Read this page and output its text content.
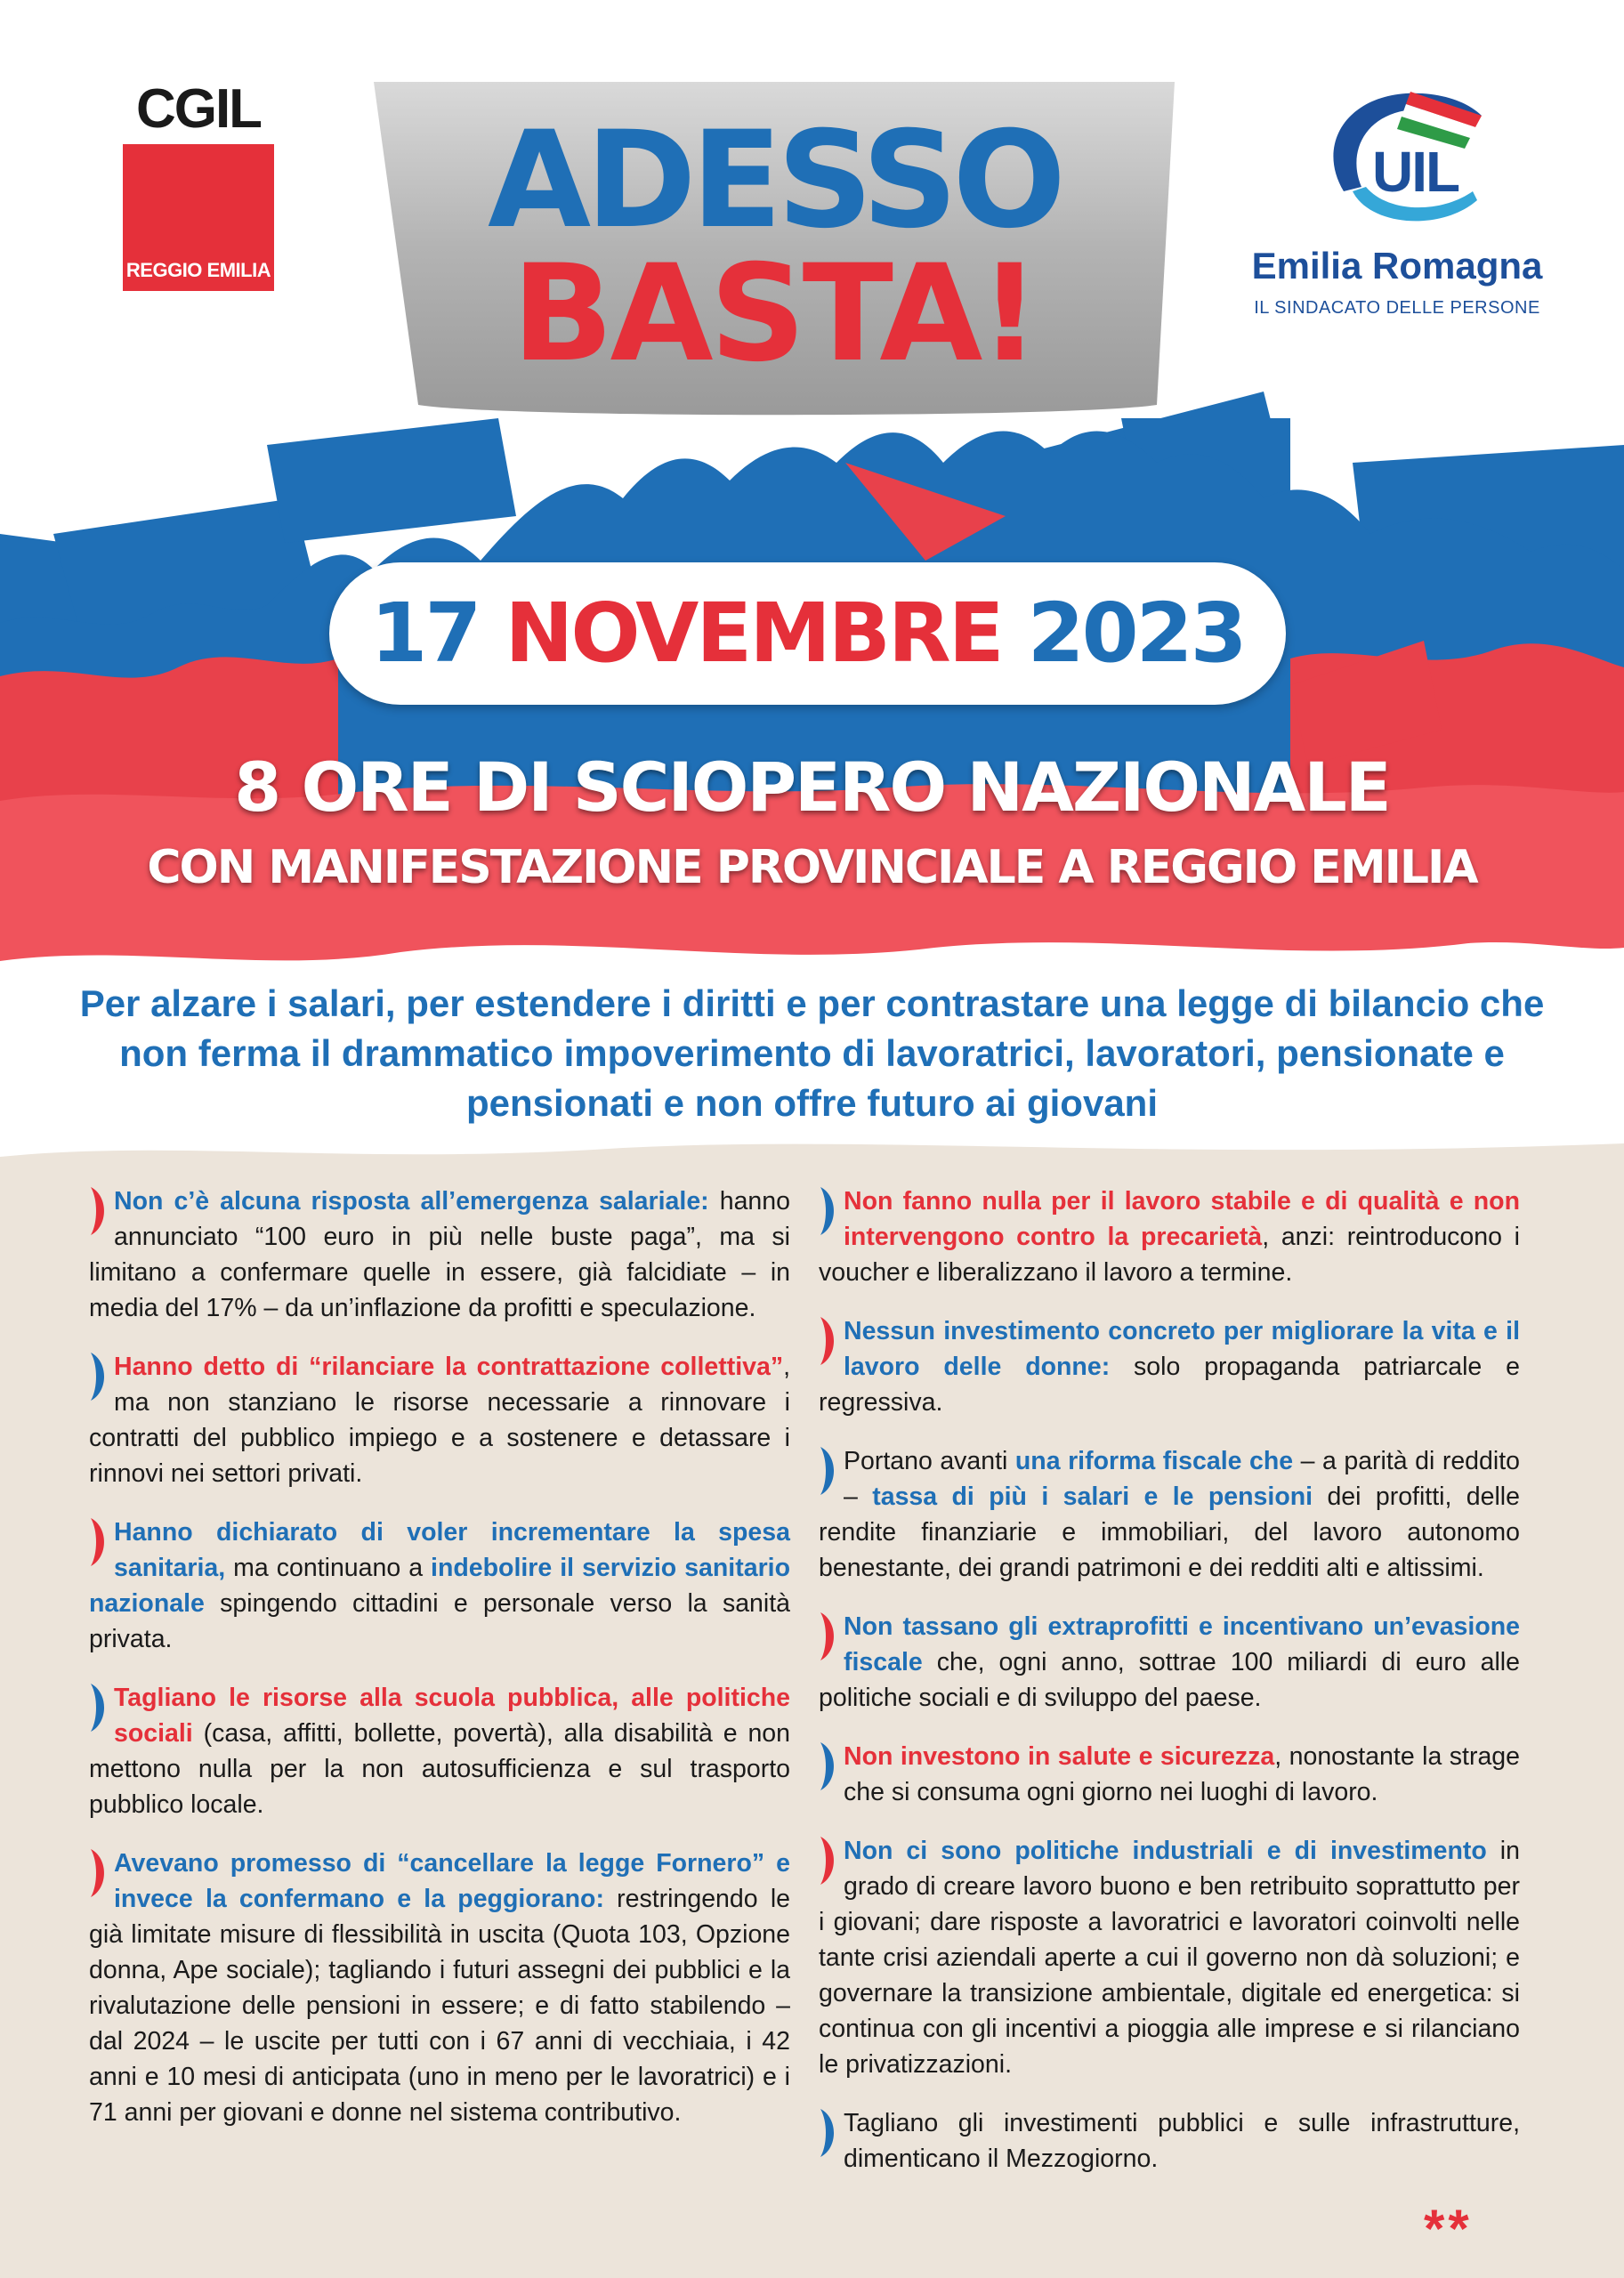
CGIL
REGGIO EMILIA
UIL
Emilia Romagna
IL SINDACATO DELLE PERSONE
ADESSO
BASTA!
17 NOVEMBRE 2023
8 ORE DI SCIOPERO NAZIONALE
CON MANIFESTAZIONE PROVINCIALE A REGGIO EMILIA
Per alzare i salari, per estendere i diritti e per contrastare una legge di bilancio che non ferma il drammatico impoverimento di lavoratrici, lavoratori, pensionate e pensionati e non offre futuro ai giovani

Non c’è alcuna risposta all’emergenza salariale: hanno annunciato “100 euro in più nelle buste paga”, ma si limitano a confermare quelle in essere, già falcidiate – in media del 17% – da un’inflazione da profitti e speculazione.

Hanno detto di “rilanciare la contrattazione collettiva”, ma non stanziano le risorse necessarie a rinnovare i contratti del pubblico impiego e a sostenere e detassare i rinnovi nei settori privati.

Hanno dichiarato di voler incrementare la spesa sanitaria, ma continuano a indebolire il servizio sanitario nazionale spingendo cittadini e personale verso la sanità privata.

Tagliano le risorse alla scuola pubblica, alle politiche sociali (casa, affitti, bollette, povertà), alla disabilità e non mettono nulla per la non autosufficienza e sul trasporto pubblico locale.

Avevano promesso di “cancellare la legge Fornero” e invece la confermano e la peggiorano: restringendo le già limitate misure di flessibilità in uscita (Quota 103, Opzione donna, Ape sociale); tagliando i futuri assegni dei pubblici e la rivalutazione delle pensioni in essere; e di fatto stabilendo – dal 2024 – le uscite per tutti con i 67 anni di vecchiaia, i 42 anni e 10 mesi di anticipata (uno in meno per le lavoratrici) e i 71 anni per giovani e donne nel sistema contributivo.

Non fanno nulla per il lavoro stabile e di qualità e non intervengono contro la precarietà, anzi: reintroducono i voucher e liberalizzano il lavoro a termine.

Nessun investimento concreto per migliorare la vita e il lavoro delle donne: solo propaganda patriarcale e regressiva.

Portano avanti una riforma fiscale che – a parità di reddito – tassa di più i salari e le pensioni dei profitti, delle rendite finanziarie e immobiliari, del lavoro autonomo benestante, dei grandi patrimoni e dei redditi alti e altissimi.

Non tassano gli extraprofitti e incentivano un’evasione fiscale che, ogni anno, sottrae 100 miliardi di euro alle politiche sociali e di sviluppo del paese.

Non investono in salute e sicurezza, nonostante la strage che si consuma ogni giorno nei luoghi di lavoro.

Non ci sono politiche industriali e di investimento in grado di creare lavoro buono e ben retribuito soprattutto per i giovani; dare risposte a lavoratrici e lavoratori coinvolti nelle tante crisi aziendali aperte a cui il governo non dà soluzioni; e governare la transizione ambientale, digitale ed energetica: si continua con gli incentivi a pioggia alle imprese e si rilanciano le privatizzazioni.

Tagliano gli investimenti pubblici e sulle infrastrutture, dimenticano il Mezzogiorno.

**
